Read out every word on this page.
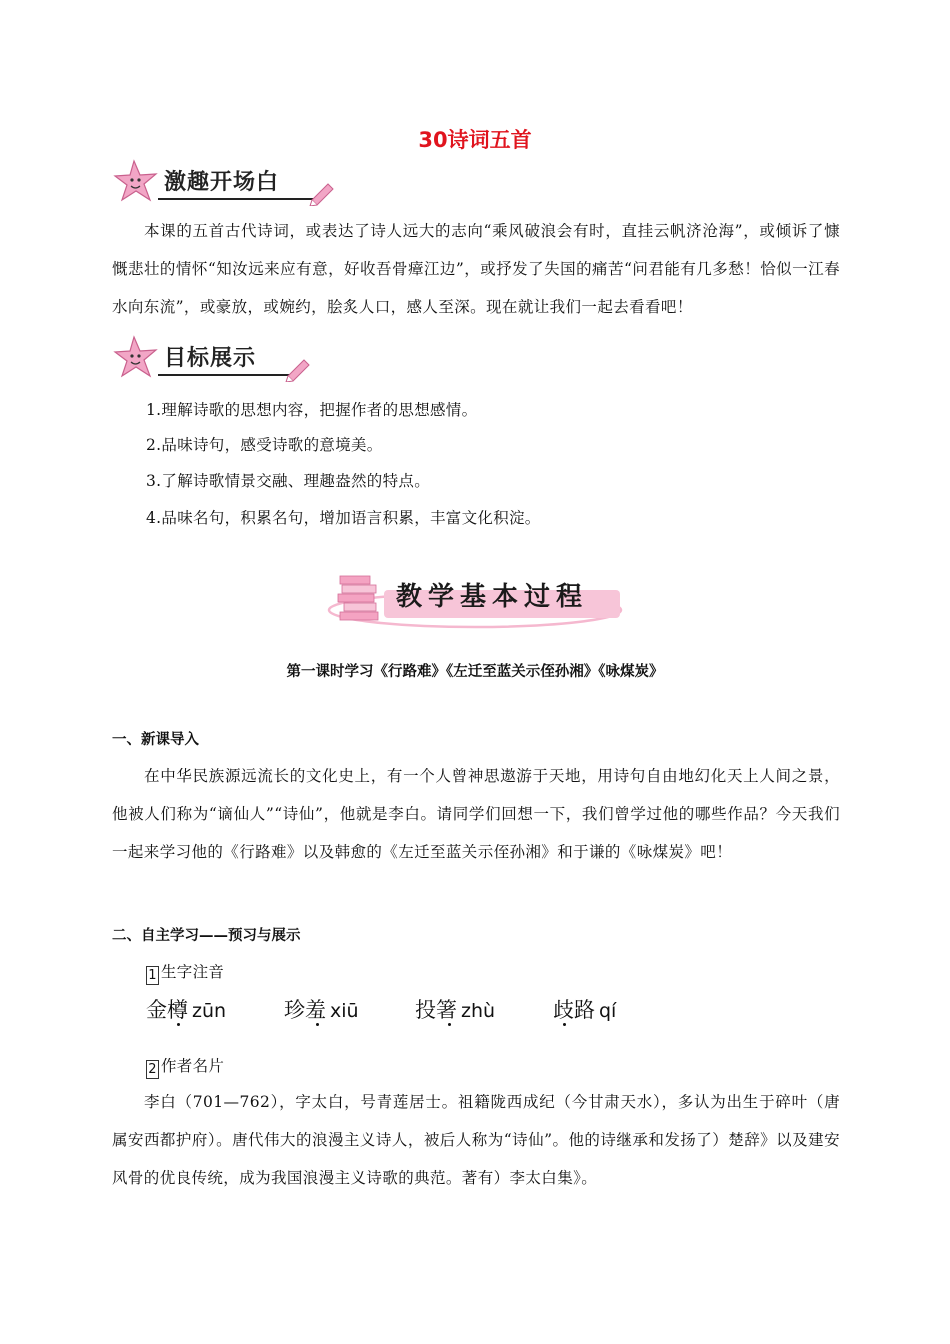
30诗词五首
激趣开场白
本课的五首古代诗词，或表达了诗人远大的志向“乘风破浪会有时，直挂云帆济沧海”，或倾诉了慷慨悲壮的情怀“知汝远来应有意，好收吾骨瘴江边”，或抒发了失国的痛苦“问君能有几多愁！恰似一江春水向东流”，或豪放，或婉约，脍炙人口，感人至深。现在就让我们一起去看看吧！
目标展示
1.理解诗歌的思想内容，把握作者的思想感情。
2.品味诗句，感受诗歌的意境美。
3.了解诗歌情景交融、理趣盎然的特点。
4.品味名句，积累名句，增加语言积累，丰富文化积淀。
教学基本过程
第一课时学习《行路难》《左迁至蓝关示侄孙湘》《咏煤炭》
一、新课导入
在中华民族源远流长的文化史上，有一个人曾神思遨游于天地，用诗句自由地幻化天上人间之景，他被人们称为“谪仙人”“诗仙”，他就是李白。请同学们回想一下，我们曾学过他的哪些作品？今天我们一起来学习他的《行路难》以及韩愈的《左迁至蓝关示侄孙湘》和于谦的《咏煤炭》吧！
二、自主学习——预习与展示
1 生字注音
金樽 zūn	珍羞 xiū	投箸 zhù	歧路 qí
2 作者名片
李白（701—762），字太白，号青莲居士。祖籍陇西成纪（今甘肃天水），多认为出生于碎叶（唐属安西都护府）。唐代伟大的浪漫主义诗人，被后人称为“诗仙”。他的诗继承和发扬了）楚辞》以及建安风骨的优良传统，成为我国浪漫主义诗歌的典范。著有）李太白集》。
